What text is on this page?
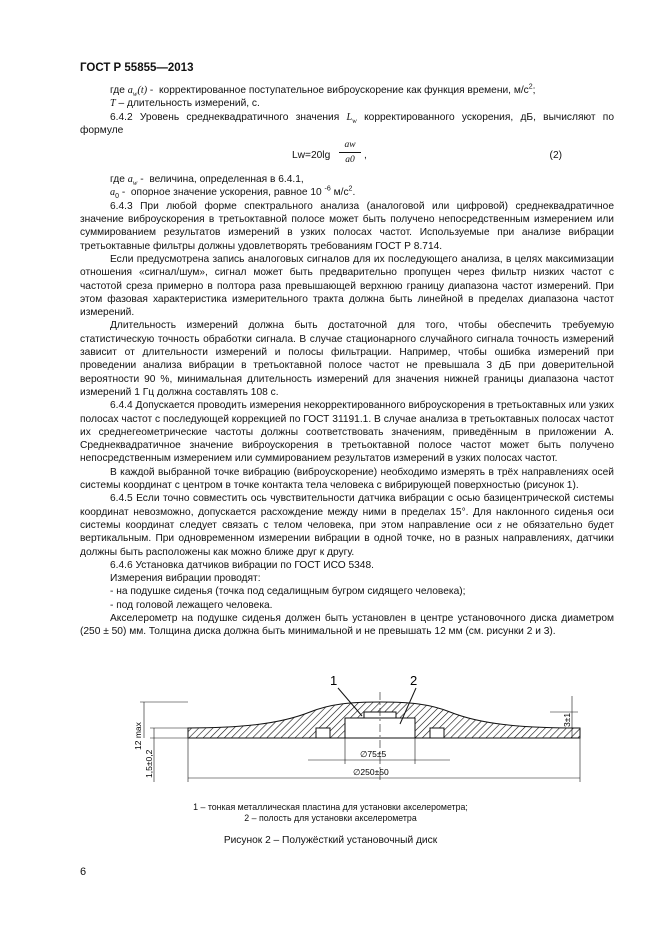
ГОСТ Р 55855—2013

где $a_w(t)$ -  корректированное поступательное виброускорение как функция времени, $м/с^2$;

T – длительность измерений, с.

6.4.2 Уровень среднеквадратичного значения $L_w$ корректированного ускорения, дБ, вычисляют по формуле

Lw=20lg
aw
a0 ,	(2)

где $a_w$ -  величина, определенная в 6.4.1,

$a_0$ -  опорное значение ускорения, равное 10 $^{-6}$ $м/с^2$.

6.4.3 При любой форме спектрального анализа (аналоговой или цифровой) среднеквадратичное значение виброускорения в третьоктавной полосе может быть получено непосредственным измерением или суммированием результатов измерений в узких полосах частот. Используемые при анализе вибрации третьоктавные фильтры должны удовлетворять требованиям ГОСТ Р 8.714.

Если предусмотрена запись аналоговых сигналов для их последующего анализа, в целях максимизации отношения «сигнал/шум», сигнал может быть предварительно пропущен через фильтр низких частот с частотой среза примерно в полтора раза превышающей верхнюю границу диапазона частот измерений. При этом фазовая характеристика измерительного тракта должна быть линейной в пределах диапазона частот измерений.

Длительность измерений должна быть достаточной для того, чтобы обеспечить требуемую статистическую точность обработки сигнала. В случае стационарного случайного сигнала точность измерений зависит от длительности измерений и полосы фильтрации. Например, чтобы ошибка измерений при проведении анализа вибрации в третьоктавной полосе частот не превышала 3 дБ при доверительной вероятности 90 %, минимальная длительность измерений для значения нижней границы диапазона частот измерений 1 Гц должна составлять 108 с.

6.4.4 Допускается проводить измерения некорректированного виброускорения в третьоктавных или узких полосах частот с последующей коррекцией по ГОСТ 31191.1. В случае анализа в третьоктавных полосах частот их среднегеометрические частоты должны соответствовать значениям, приведённым в приложении А. Среднеквадратичное значение виброускорения в третьоктавной полосе частот может быть получено непосредственным измерением или суммированием результатов измерений в узких полосах частот.

В каждой выбранной точке вибрацию (виброускорение) необходимо измерять в трёх направлениях осей системы координат с центром в точке контакта тела человека с вибрирующей поверхностью (рисунок 1).

6.4.5 Если точно совместить ось чувствительности датчика вибрации с осью базицентрической системы координат невозможно, допускается расхождение между ними в пределах 15°. Для наклонного сиденья оси системы координат следует связать с телом человека, при этом направление оси z не обязательно будет вертикальным. При одновременном измерении вибрации в одной точке, но в разных направлениях, датчики должны быть расположены как можно ближе друг к другу.

6.4.6 Установка датчиков вибрации по ГОСТ ИСО 5348.

Измерения вибрации проводят:

- на подушке сиденья (точка под седалищным бугром сидящего человека);

- под головой лежащего человека.

Акселерометр на подушке сиденья должен быть установлен в центре установочного диска диаметром (250 ± 50) мм. Толщина диска должна быть минимальной и не превышать 12 мм (см. рисунки 2 и 3).

1	2
12 max
1,5±0,2
3±1
∅75±5
∅250±50
1 – тонкая металлическая пластина для установки акселерометра;
2 – полость для установки акселерометра
Рисунок 2 – Полужёсткий установочный диск
6
